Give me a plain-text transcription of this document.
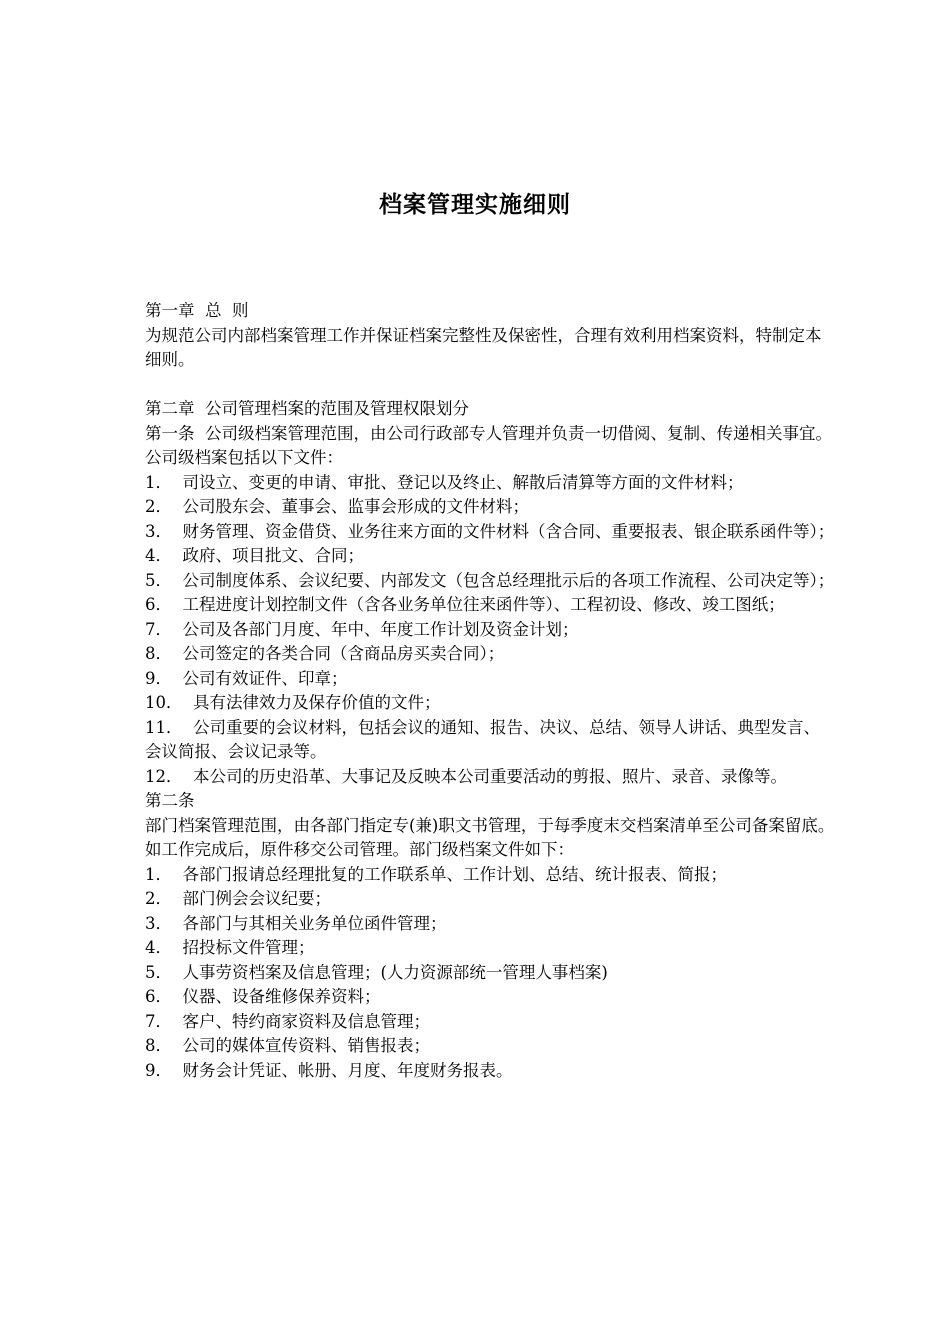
档案管理实施细则
第一章  总  则
为规范公司内部档案管理工作并保证档案完整性及保密性，合理有效利用档案资料，特制定本细则。
第二章  公司管理档案的范围及管理权限划分
第一条  公司级档案管理范围，由公司行政部专人管理并负责一切借阅、复制、传递相关事宜。公司级档案包括以下文件：
1．  司设立、变更的申请、审批、登记以及终止、解散后清算等方面的文件材料；
2．  公司股东会、董事会、监事会形成的文件材料；
3．  财务管理、资金借贷、业务往来方面的文件材料（含合同、重要报表、银企联系函件等）；
4．  政府、项目批文、合同；
5．  公司制度体系、会议纪要、内部发文（包含总经理批示后的各项工作流程、公司决定等）；
6．  工程进度计划控制文件（含各业务单位往来函件等）、工程初设、修改、竣工图纸；
7．  公司及各部门月度、年中、年度工作计划及资金计划；
8．  公司签定的各类合同（含商品房买卖合同）；
9．  公司有效证件、印章；
10．  具有法律效力及保存价值的文件；
11．  公司重要的会议材料，包括会议的通知、报告、决议、总结、领导人讲话、典型发言、会议简报、会议记录等。
12．  本公司的历史沿革、大事记及反映本公司重要活动的剪报、照片、录音、录像等。
第二条
部门档案管理范围，由各部门指定专(兼)职文书管理，于每季度末交档案清单至公司备案留底。如工作完成后，原件移交公司管理。部门级档案文件如下：
1．  各部门报请总经理批复的工作联系单、工作计划、总结、统计报表、简报；
2．  部门例会会议纪要；
3．  各部门与其相关业务单位函件管理；
4．  招投标文件管理；
5．  人事劳资档案及信息管理；(人力资源部统一管理人事档案)
6．  仪器、设备维修保养资料；
7．  客户、特约商家资料及信息管理；
8．  公司的媒体宣传资料、销售报表；
9．  财务会计凭证、帐册、月度、年度财务报表。
